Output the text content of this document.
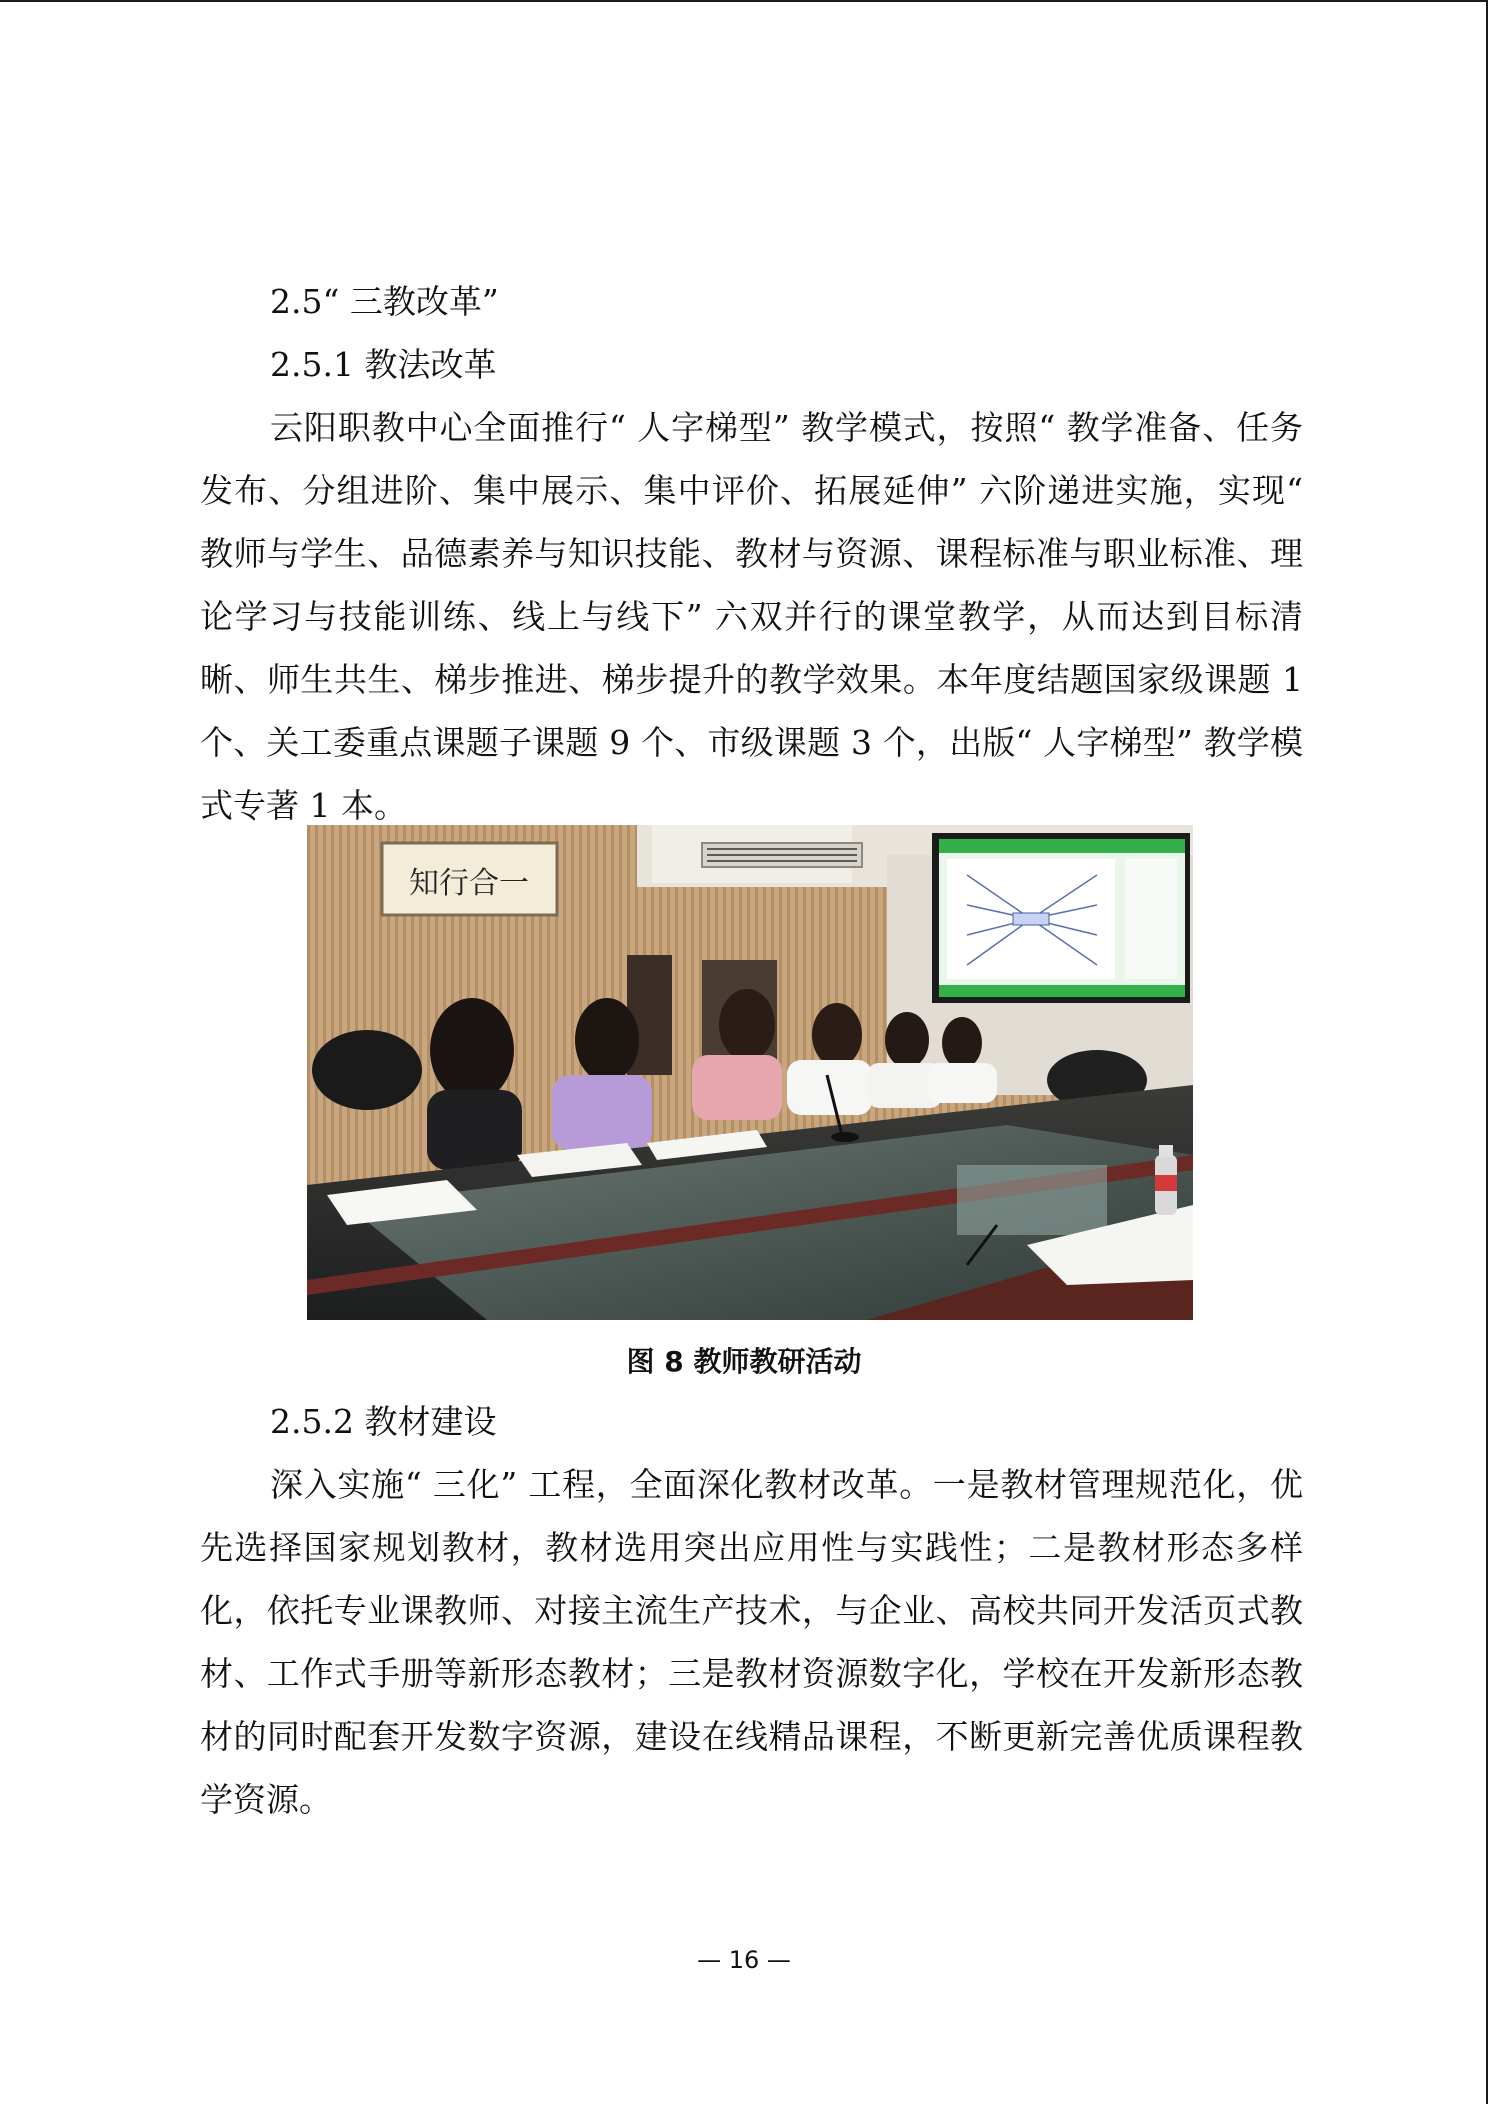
2.5“ 三教改革”
2.5.1 教法改革

云阳职教中心全面推行“ 人字梯型” 教学模式，按照“ 教学准备、任务发布、分组进阶、集中展示、集中评价、拓展延伸” 六阶递进实施，实现“ 教师与学生、品德素养与知识技能、教材与资源、课程标准与职业标准、理论学习与技能训练、线上与线下” 六双并行的课堂教学，从而达到目标清晰、师生共生、梯步推进、梯步提升的教学效果。本年度结题国家级课题 1 个、关工委重点课题子课题 9 个、市级课题 3 个，出版“ 人字梯型” 教学模式专著 1 本。

知行合一
图 8 教师教研活动
2.5.2 教材建设

深入实施“ 三化” 工程，全面深化教材改革。一是教材管理规范化，优先选择国家规划教材，教材选用突出应用性与实践性；二是教材形态多样化，依托专业课教师、对接主流生产技术，与企业、高校共同开发活页式教材、工作式手册等新形态教材；三是教材资源数字化，学校在开发新形态教材的同时配套开发数字资源，建设在线精品课程，不断更新完善优质课程教学资源。

— 16 —
